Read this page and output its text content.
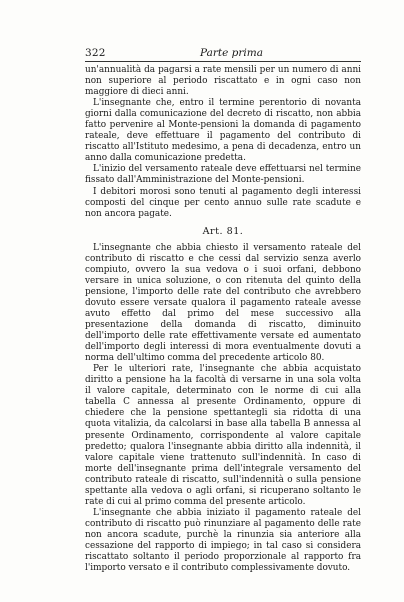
322	Parte prima

un'annualità da pagarsi a rate mensili per un numero di anni non superiore al periodo riscattato e in ogni caso non maggiore di dieci anni.

L'insegnante che, entro il termine perentorio di novanta giorni dalla comunicazione del decreto di riscatto, non abbia fatto pervenire al Monte-pensioni la domanda di pagamento rateale, deve effettuare il pagamento del contributo di riscatto all'Istituto medesimo, a pena di decadenza, entro un anno dalla comunicazione predetta.

L'inizio del versamento rateale deve effettuarsi nel termine fissato dall'Amministrazione del Monte-pensioni.

I debitori morosi sono tenuti al pagamento degli interessi composti del cinque per cento annuo sulle rate scadute e non ancora pagate.

Art. 81.

L'insegnante che abbia chiesto il versamento rateale del contributo di riscatto e che cessi dal servizio senza averlo compiuto, ovvero la sua vedova o i suoi orfani, debbono versare in unica soluzione, o con ritenuta del quinto della pensione, l'importo delle rate del contributo che avrebbero dovuto essere versate qualora il pagamento rateale avesse avuto effetto dal primo del mese successivo alla presentazione della domanda di riscatto, diminuito dell'importo delle rate effettivamente versate ed aumentato dell'importo degli interessi di mora eventualmente dovuti a norma dell'ultimo comma del precedente articolo 80.

Per le ulteriori rate, l'insegnante che abbia acquistato diritto a pensione ha la facoltà di versarne in una sola volta il valore capitale, determinato con le norme di cui alla tabella C annessa al presente Ordinamento, oppure di chiedere che la pensione spettantegli sia ridotta di una quota vitalizia, da calcolarsi in base alla tabella B annessa al presente Ordinamento, corrispondente al valore capitale predetto; qualora l'insegnante abbia diritto alla indennità, il valore capitale viene trattenuto sull'indennità. In caso di morte dell'insegnante prima dell'integrale versamento del contributo rateale di riscatto, sull'indennità o sulla pensione spettante alla vedova o agli orfani, si ricuperano soltanto le rate di cui al primo comma del presente articolo.

L'insegnante che abbia iniziato il pagamento rateale del contributo di riscatto può rinunziare al pagamento delle rate non ancora scadute, purchè la rinunzia sia anteriore alla cessazione del rapporto di impiego; in tal caso si considera riscattato soltanto il periodo proporzionale al rapporto fra l'importo versato e il contributo complessivamente dovuto.
